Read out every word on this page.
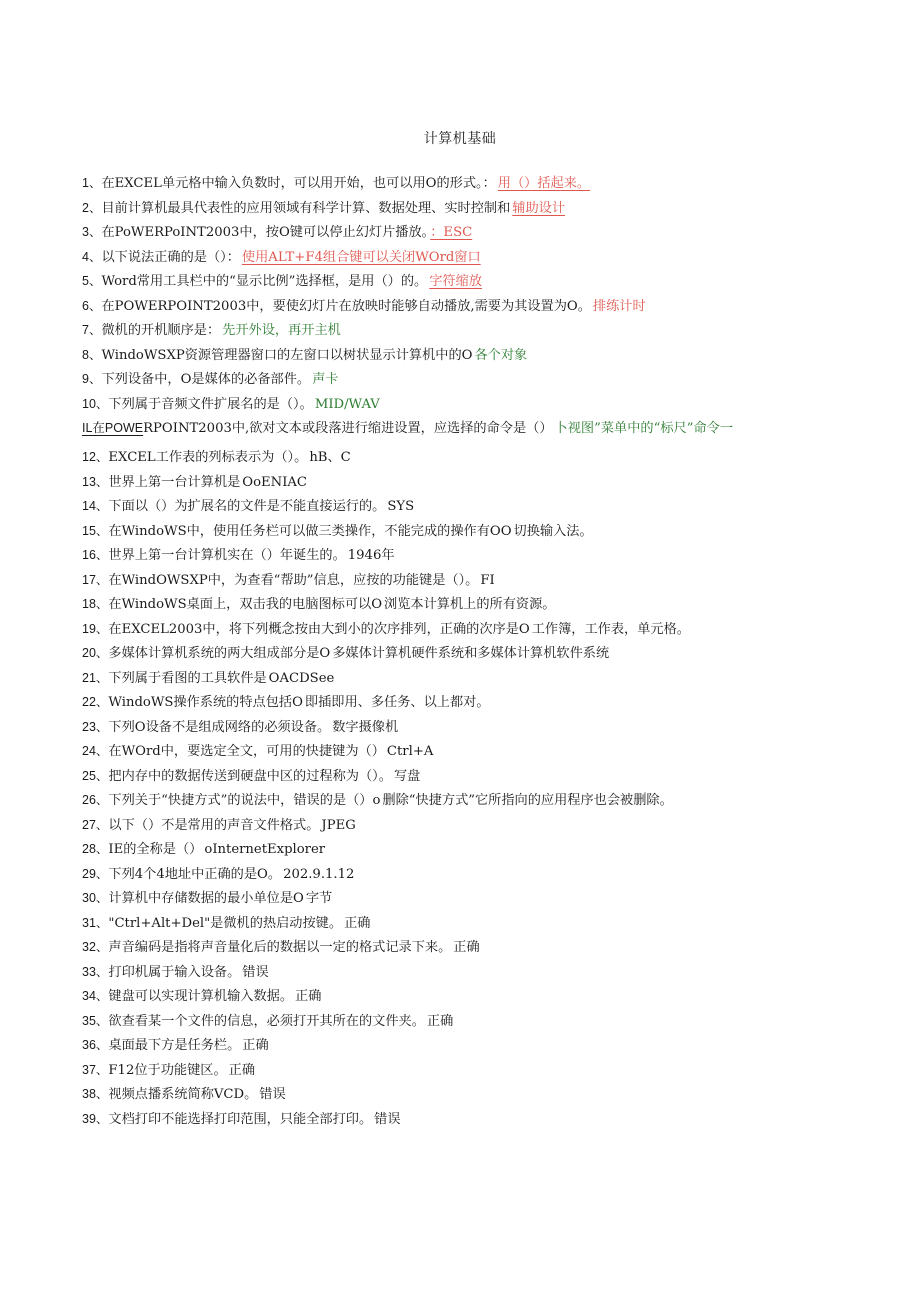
计算机基础
1、在EXCEL单元格中输入负数时，可以用开始，也可以用O的形式。： 用（）括起来。
2、目前计算机最具代表性的应用领域有科学计算、数据处理、实时控制和 辅助设计
3、在PoWERPoINT2003中，按O键可以停止幻灯片播放。 ：ESC
4、以下说法正确的是（）： 使用ALT+F4组合键可以关闭WOrd窗口
5、Word常用工具栏中的“显示比例”选择框，是用（）的。 字符缩放
6、在POWERPOINT2003中，要使幻灯片在放映时能够自动播放,需要为其设置为O。 排练计时
7、微机的开机顺序是： 先开外设，再开主机
8、WindoWSXP资源管理器窗口的左窗口以树状显示计算机中的O 各个对象
9、下列设备中，O是媒体的必备部件。 声卡
10、下列属于音频文件扩展名的是（）。 MID/WAV
IL在POWERPOINT2003中,欲对文本或段落进行缩进设置，应选择的命令是（） 卜视图”菜单中的“标尺”命令一
12、EXCEL工作表的列标表示为（）。 hB、C
13、世界上第一台计算机是 OoENIAC
14、下面以（）为扩展名的文件是不能直接运行的。 SYS
15、在WindoWS中，使用任务栏可以做三类操作，不能完成的操作有OO 切换输入法。
16、世界上第一台计算机实在（）年诞生的。 1946年
17、在WindOWSXP中，为查看“帮助”信息，应按的功能键是（）。 FI
18、在WindoWS桌面上，双击我的电脑图标可以O 浏览本计算机上的所有资源。
19、在EXCEL2003中，将下列概念按由大到小的次序排列，正确的次序是O 工作簿，工作表，单元格。
20、多媒体计算机系统的两大组成部分是O 多媒体计算机硬件系统和多媒体计算机软件系统
21、下列属于看图的工具软件是 OACDSee
22、WindoWS操作系统的特点包括O 即插即用、多任务、以上都对。
23、下列O设备不是组成网络的必须设备。 数字摄像机
24、在WOrd中，要选定全文，可用的快捷键为（） Ctrl+A
25、把内存中的数据传送到硬盘中区的过程称为（）。 写盘
26、下列关于“快捷方式”的说法中，错误的是（）o 删除“快捷方式”它所指向的应用程序也会被删除。
27、以下（）不是常用的声音文件格式。 JPEG
28、IE的全称是（） oInternetExplorer
29、下列4个4地址中正确的是O。 202.9.1.12
30、计算机中存储数据的最小单位是O 字节
31、"Ctrl+Alt+Del"是微机的热启动按键。 正确
32、声音编码是指将声音量化后的数据以一定的格式记录下来。 正确
33、打印机属于输入设备。 错误
34、键盘可以实现计算机输入数据。 正确
35、欲查看某一个文件的信息，必须打开其所在的文件夹。 正确
36、桌面最下方是任务栏。 正确
37、F12位于功能键区。 正确
38、视频点播系统简称VCD。 错误
39、文档打印不能选择打印范围，只能全部打印。 错误
